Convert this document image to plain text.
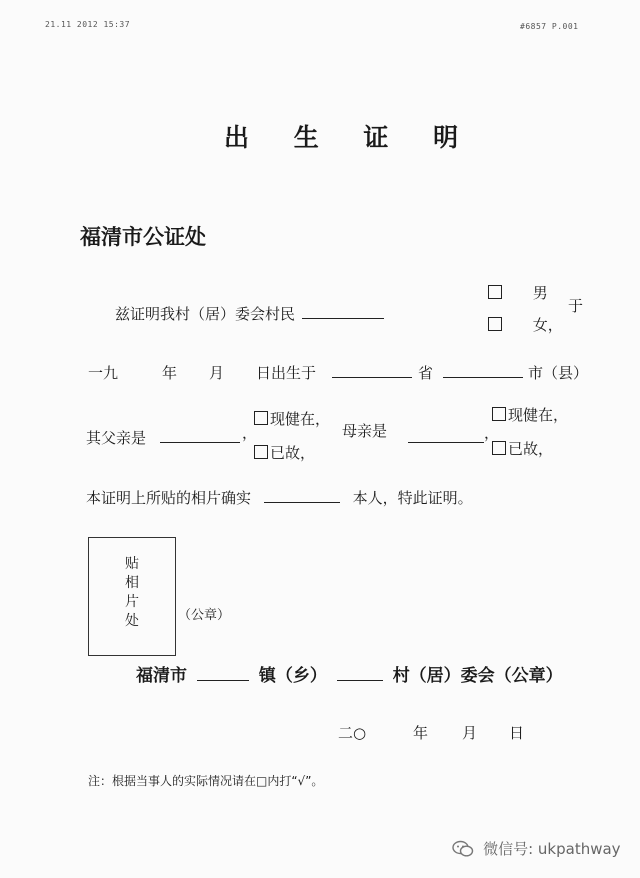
21.11 2012 15:37	#6857 P.001
出 生 证 明
福清市公证处
兹证明我村（居）委会村民
男
于
女，
一九	年 月 日出生于	省	市（县）
其父亲是	，
现健在，
已故，
母亲是	，
现健在，
已故，
本证明上所贴的相片确实	本人，特此证明。
贴
相
片
处	（公章）
福清市	镇（乡）	村（居）委会（公章）
二○	年 月 日
注：根据当事人的实际情况请在□内打“√”。
微信号: ukpathway
